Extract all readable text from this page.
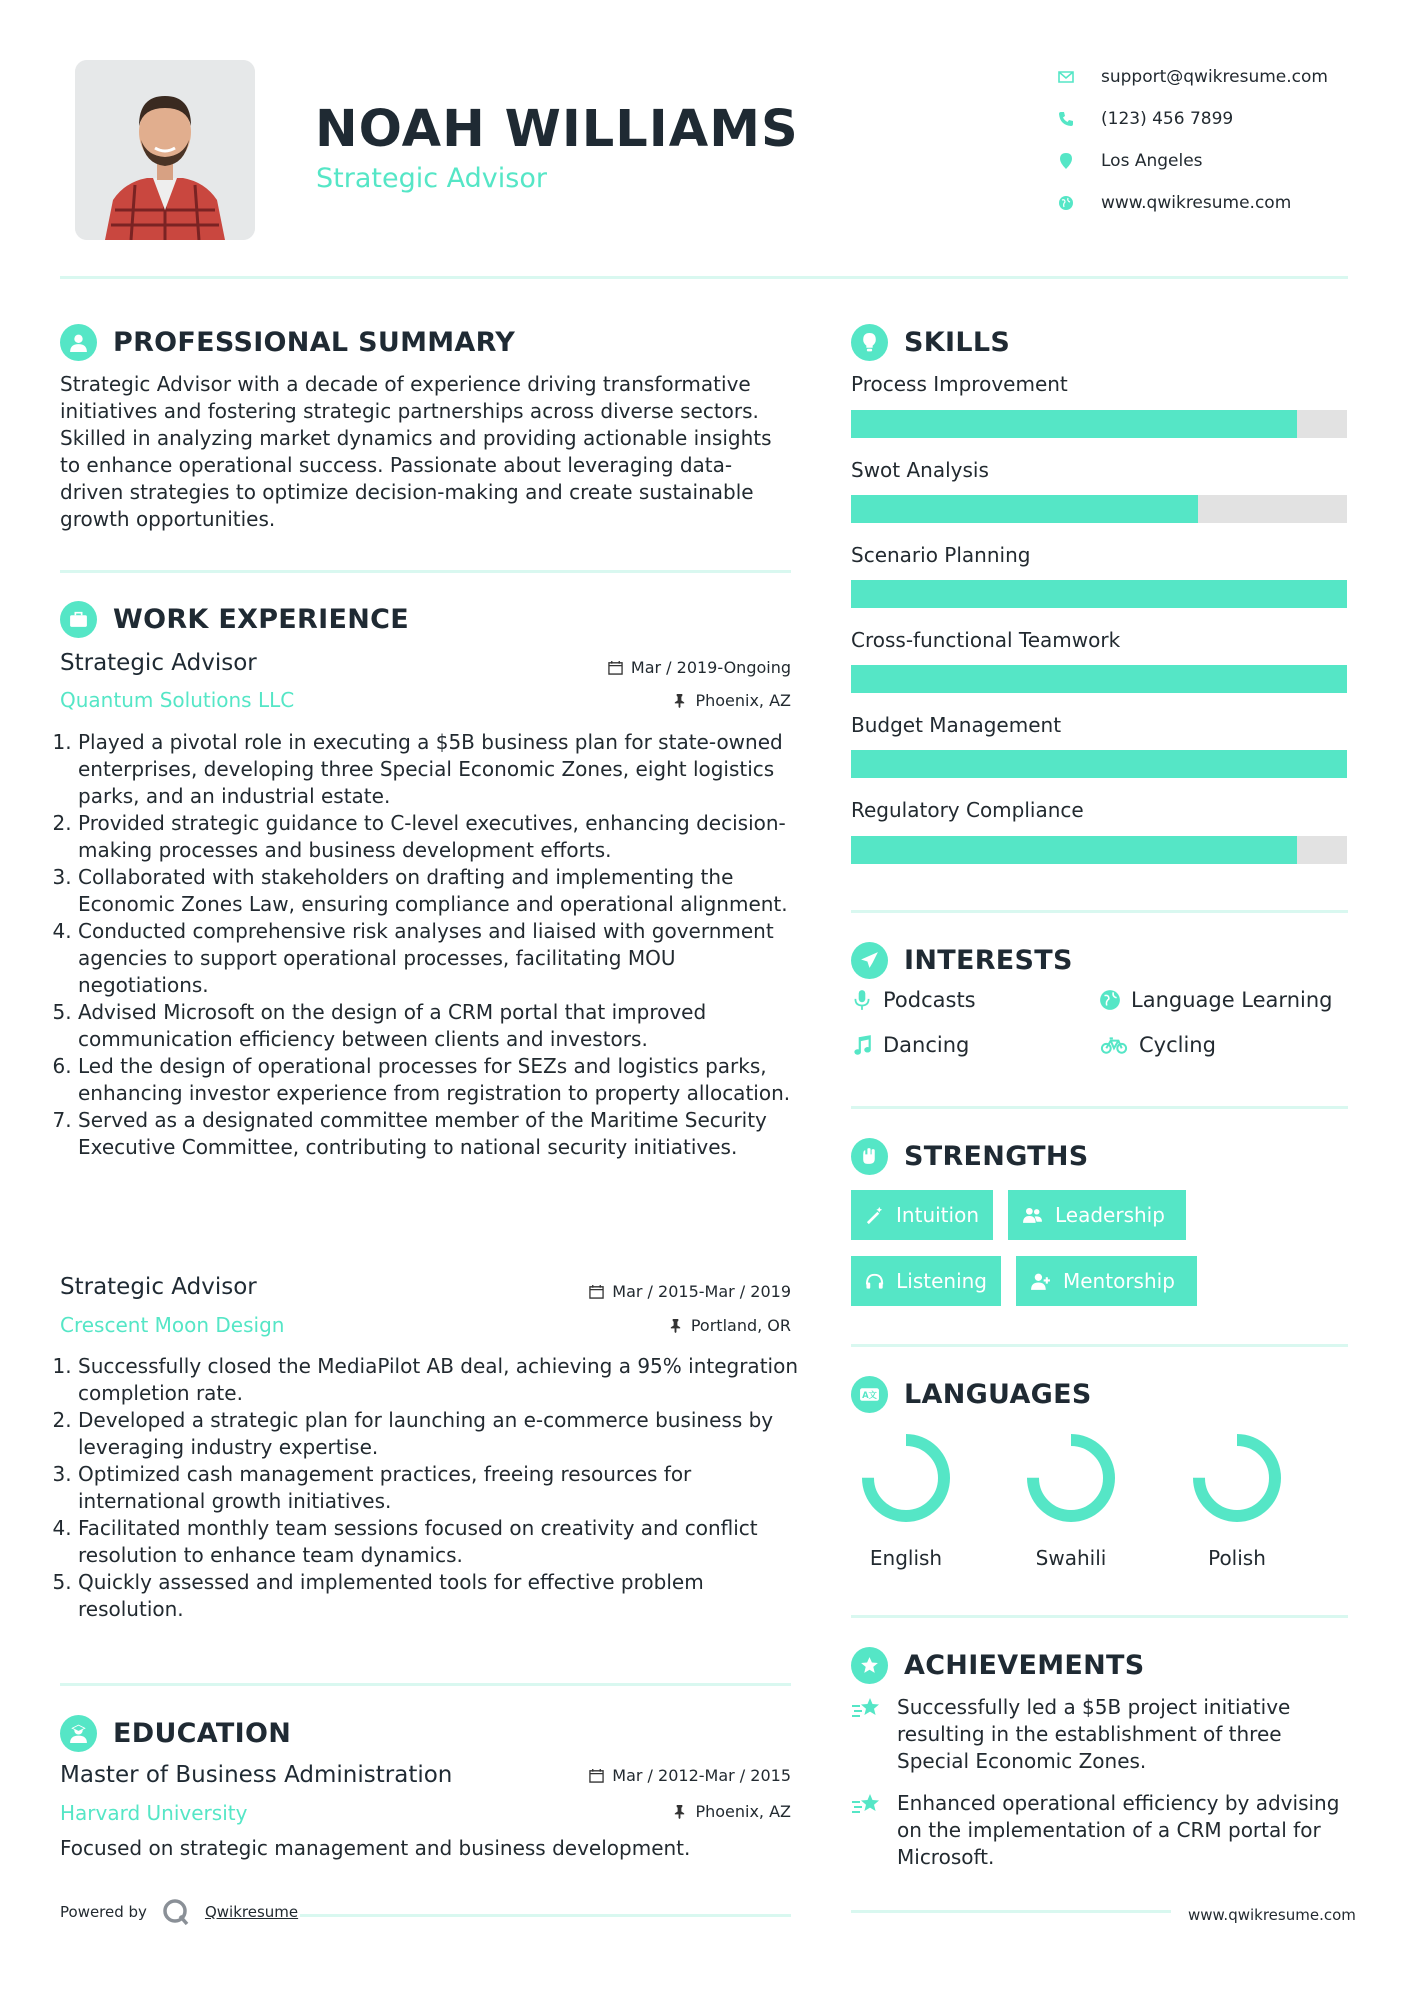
NOAH WILLIAMS
Strategic Advisor
support@qwikresume.com
(123) 456 7899
Los Angeles
www.qwikresume.com
PROFESSIONAL SUMMARY
Strategic Advisor with a decade of experience driving transformative initiatives and fostering strategic partnerships across diverse sectors. Skilled in analyzing market dynamics and providing actionable insights to enhance operational success. Passionate about leveraging data-driven strategies to optimize decision-making and create sustainable growth opportunities.
WORK EXPERIENCE
Strategic Advisor	Mar / 2019-Ongoing
Quantum Solutions LLC	Phoenix, AZ
1. Played a pivotal role in executing a $5B business plan for state-owned enterprises, developing three Special Economic Zones, eight logistics parks, and an industrial estate.
2. Provided strategic guidance to C-level executives, enhancing decision-making processes and business development efforts.
3. Collaborated with stakeholders on drafting and implementing the Economic Zones Law, ensuring compliance and operational alignment.
4. Conducted comprehensive risk analyses and liaised with government agencies to support operational processes, facilitating MOU negotiations.
5. Advised Microsoft on the design of a CRM portal that improved communication efficiency between clients and investors.
6. Led the design of operational processes for SEZs and logistics parks, enhancing investor experience from registration to property allocation.
7. Served as a designated committee member of the Maritime Security Executive Committee, contributing to national security initiatives.
Strategic Advisor	Mar / 2015-Mar / 2019
Crescent Moon Design	Portland, OR
1. Successfully closed the MediaPilot AB deal, achieving a 95% integration completion rate.
2. Developed a strategic plan for launching an e-commerce business by leveraging industry expertise.
3. Optimized cash management practices, freeing resources for international growth initiatives.
4. Facilitated monthly team sessions focused on creativity and conflict resolution to enhance team dynamics.
5. Quickly assessed and implemented tools for effective problem resolution.
EDUCATION
Master of Business Administration	Mar / 2012-Mar / 2015
Harvard University	Phoenix, AZ
Focused on strategic management and business development.
SKILLS
Process Improvement
Swot Analysis
Scenario Planning
Cross-functional Teamwork
Budget Management
Regulatory Compliance
INTERESTS
Podcasts	Language Learning
Dancing	Cycling
STRENGTHS
Intuition	Leadership
Listening	Mentorship
A文 LANGUAGES
English	Swahili	Polish
ACHIEVEMENTS
Successfully led a $5B project initiative resulting in the establishment of three Special Economic Zones.
Enhanced operational efficiency by advising on the implementation of a CRM portal for Microsoft.
Powered by	Qwikresume	www.qwikresume.com
